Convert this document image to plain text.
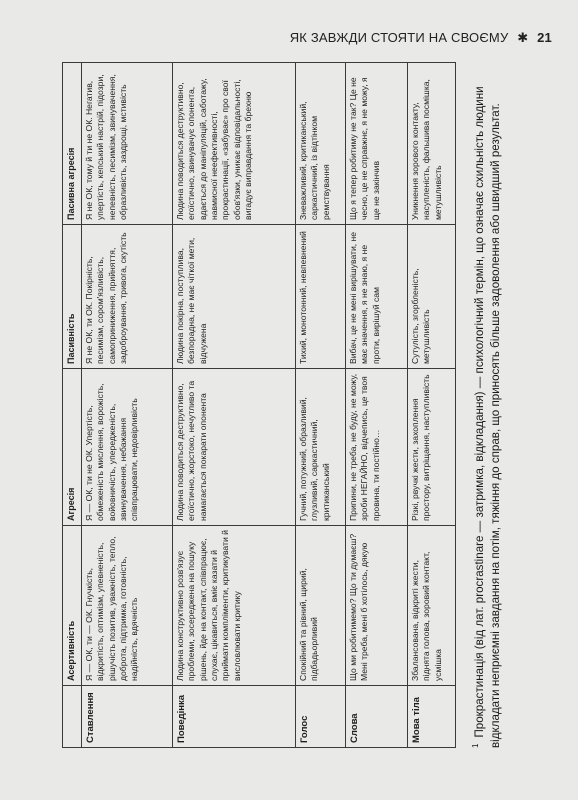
ЯК ЗАВЖДИ СТОЯТИ НА СВОЄМУ ✱ 21
	Асертивність	Агресія	Пасивність	Пасивна агресія
Ставлення	Я — ОК, ти — ОК. Гнучкість, відкритість, оптимізм, упевненість, рішучість позитив, уважність, тепло, доброта, підтримка, готовність, надійність, вдячність	Я — ОК, ти не ОК. Упертість, обмеженість мислення, ворожість, войовничість, упередженість, звинувачення, небажання співпрацювати, недовірливість	Я не ОК, ти ОК. Покірність, песимізм, сором'язливість, самоприниження, прийняття, задоброування, тривога, скутість	Я не ОК, тому й ти не ОК. Негатив, упертість, кепський настрій, підозри, непевність, песимізм, звинувачення, образливість, заздрощі, мстивість
Поведінка	Людина конструктивно розв'язує проблеми, зосереджена на пошуку рішень, йде на контакт, співпрацює, слухає, цікавиться, вміє казати й приймати компліменти, критикувати й висловлювати критику	Людина поводиться деструктивно, егоїстично, жорстоко, нечутливо та намагається покарати опонента	Людина покірна, поступлива, безпорадна, не має чіткої мети, відчужена	Людина поводиться деструктивно, егоїстично, звинувачує опонента, вдається до маніпуляцій, саботажу, навмисної неефективності, прокрастинації, «забуває» про свої обов'язки, уникає відповідальності, вигадує виправдання та брехню
Голос	Спокійний та рівний, щирий, підбадьорливий	Гучний, потужний, образливий, глузливий, саркастичний, критиканський	Тихий, монотонний, невпевнений	Зневажливий, критиканський, саркастичний, із відтінком ремствування
Слова	Що ми робитимемо? Що ти думаєш? Мені треба, мені б хотілось, дякую	Припини, не треба, не буду, не можу, зроби НЕГАЙНО, відчепись, це твоя провина, ти постійно…	Вибач, це не мені вирішувати, не має значення, я не знаю, я не проти, вирішуй сам	Що я тепер робитиму не так? Це не чесно, це не справжнє, я не можу, я ще не закінчив
Мова тіла	Збалансована, відкриті жести, піднята голова, зоровий контакт, усмішка	Різкі, рвучкі жести, захоплення простору, витріщання, наступливість	Сутулість, згорбленість, метушливість	Уникнення зорового контакту, насупленість, фальшива посмішка, метушливість
$^1$Прокрастинація (від лат. procrastinare — затримка, відкладання) — психологічний термін, що означає схильність людини відкладати неприємні завдання на потім, тяжіння до справ, що приносять більше задоволення або швидший результат.
